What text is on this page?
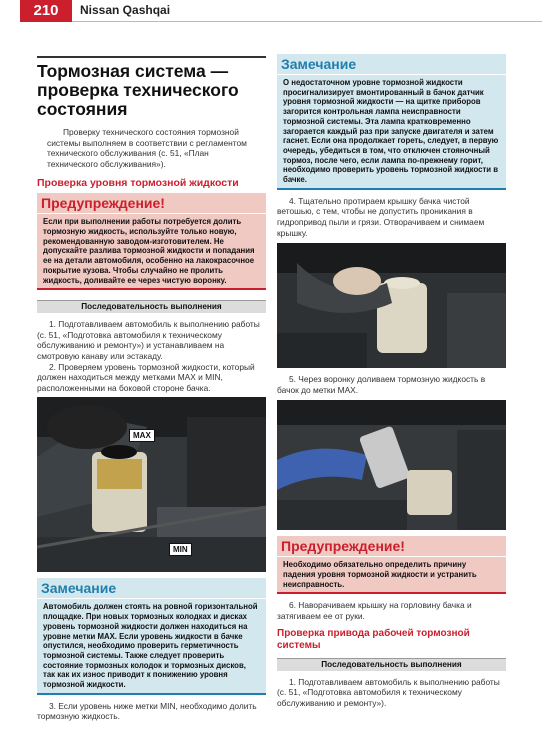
210	Nissan Qashqai
Тормозная система — проверка технического состояния

Проверку технического состояния тормозной системы выполняем в соответствии с регламентом технического обслуживания (с. 51, «План технического обслуживания»).

Проверка уровня тормозной жидкости
Предупреждение!
Если при выполнении работы потребуется долить тормозную жидкость, используйте только новую, рекомендованную заводом-изготовителем. Не допускайте разлива тормозной жидкости и попадания ее на детали автомобиля, особенно на лакокрасочное покрытие кузова. Чтобы случайно не пролить жидкость, доливайте ее через чистую воронку.
Последовательность выполнения

1. Подготавливаем автомобиль к выполнению работы (с. 51, «Подготовка автомобиля к техническому обслуживанию и ремонту») и устанавливаем на смотровую канаву или эстакаду.

2. Проверяем уровень тормозной жидкости, который должен находиться между метками MAX и MIN, расположенными на боковой стороне бачка.

MAX
MIN
Замечание
Автомобиль должен стоять на ровной горизонтальной площадке. При новых тормозных колодках и дисках уровень тормозной жидкости должен находиться на уровне метки MAX. Если уровень жидкости в бачке опустился, необходимо проверить герметичность тормозной системы. Также следует проверить состояние тормозных колодок и тормозных дисков, так как их износ приводит к понижению уровня тормозной жидкости.

3. Если уровень ниже метки MIN, необходимо долить тормозную жидкость.

Замечание
О недостаточном уровне тормозной жидкости просигнализирует вмонтированный в бачок датчик уровня тормозной жидкости — на щитке приборов загорится контрольная лампа неисправности тормозной системы. Эта лампа кратковременно загорается каждый раз при запуске двигателя и затем гаснет. Если она продолжает гореть, следует, в первую очередь, убедиться в том, что отключен стояночный тормоз, после чего, если лампа по-прежнему горит, необходимо проверить уровень тормозной жидкости в бачке.

4. Тщательно протираем крышку бачка чистой ветошью, с тем, чтобы не допустить проникания в гидропривод пыли и грязи. Отворачиваем и снимаем крышку.

5. Через воронку доливаем тормозную жидкость в бачок до метки MAX.

Предупреждение!
Необходимо обязательно определить причину падения уровня тормозной жидкости и устранить неисправность.

6. Наворачиваем крышку на горловину бачка и затягиваем ее от руки.

Проверка привода рабочей тормозной системы
Последовательность выполнения

1. Подготавливаем автомобиль к выполнению работы (с. 51, «Подготовка автомобиля к техническому обслуживанию и ремонту»).
